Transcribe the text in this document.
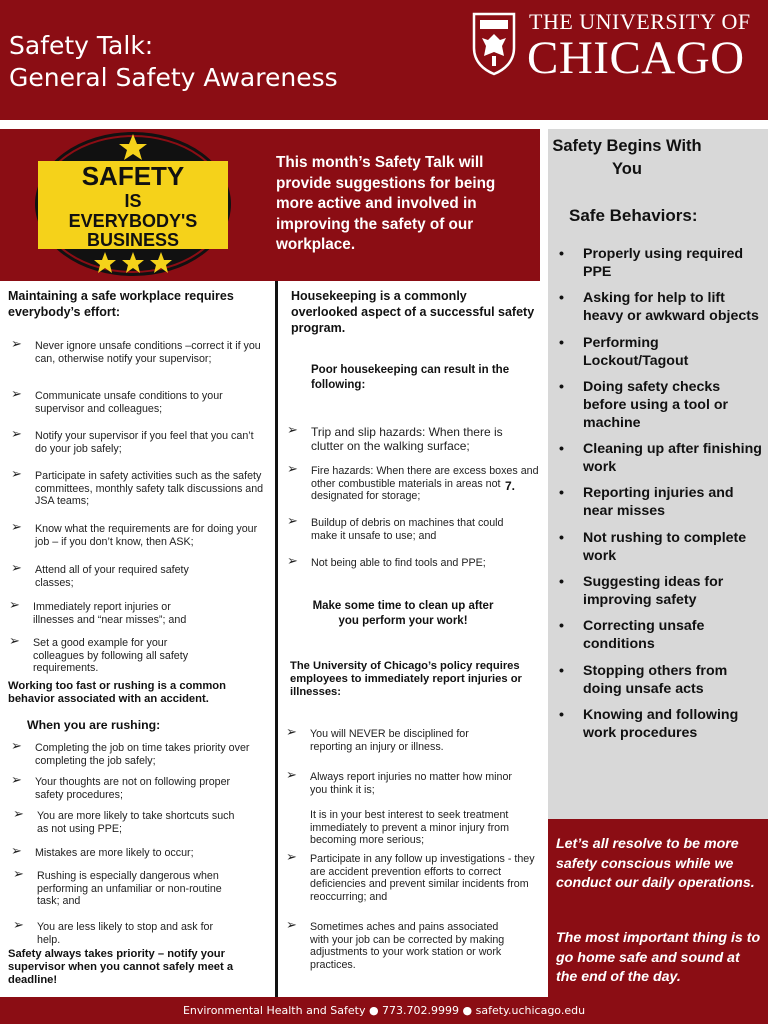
Safety Talk:
General Safety Awareness
THE UNIVERSITY OF
CHICAGO
SAFETY
IS
EVERYBODY'S
BUSINESS
This month’s Safety Talk will provide suggestions for being more active and involved in improving the safety of our workplace.
Safety Begins With You
Safe Behaviors:
• Properly using required PPE
• Asking for help to lift heavy or awkward objects
• Performing Lockout/Tagout
• Doing safety checks before using a tool or machine
• Cleaning up after finishing work
• Reporting injuries and near misses
• Not rushing to complete work
• Suggesting ideas for improving safety
• Correcting unsafe conditions
• Stopping others from doing unsafe acts
• Knowing and following work procedures

Let’s all resolve to be more safety conscious while we conduct our daily operations.

The most important thing is to go home safe and sound at the end of the day.

Maintaining a safe workplace requires everybody’s effort:
➢ Never ignore unsafe conditions –correct it if you can, otherwise notify your supervisor;
➢ Communicate unsafe conditions to your supervisor and colleagues;
➢ Notify your supervisor if you feel that you can’t do your job safely;
➢ Participate in safety activities such as the safety committees, monthly safety talk discussions and JSA teams;
➢ Know what the requirements are for doing your job – if you don’t know, then ASK;
➢ Attend all of your required safety classes;
➢ Immediately report injuries or illnesses and “near misses”; and
➢ Set a good example for your colleagues by following all safety requirements.
Working too fast or rushing is a common behavior associated with an accident.
When you are rushing:
➢ Completing the job on time takes priority over completing the job safely;
➢ Your thoughts are not on following proper safety procedures;
➢ You are more likely to take shortcuts such as not using PPE;
➢ Mistakes are more likely to occur;
➢ Rushing is especially dangerous when performing an unfamiliar or non-routine task; and
➢ You are less likely to stop and ask for help.
Safety always takes priority – notify your supervisor when you cannot safely meet a deadline!
Housekeeping is a commonly overlooked aspect of a successful safety program.
Poor housekeeping can result in the following:
➢ Trip and slip hazards: When there is clutter on the walking surface;
➢ Fire hazards: When there are excess boxes and other combustible materials in areas not designated for storage;
7.
➢ Buildup of debris on machines that could make it unsafe to use; and
➢ Not being able to find tools and PPE;
Make some time to clean up after you perform your work!
The University of Chicago’s policy requires employees to immediately report injuries or illnesses:
➢ You will NEVER be disciplined for reporting an injury or illness.
➢ Always report injuries no matter how minor you think it is;
It is in your best interest to seek treatment immediately to prevent a minor injury from becoming more serious;
➢ Participate in any follow up investigations - they are accident prevention efforts to correct deficiencies and prevent similar incidents from reoccurring; and
➢ Sometimes aches and pains associated with your job can be corrected by making adjustments to your work station or work practices.
Environmental Health and Safety ● 773.702.9999 ● safety.uchicago.edu
